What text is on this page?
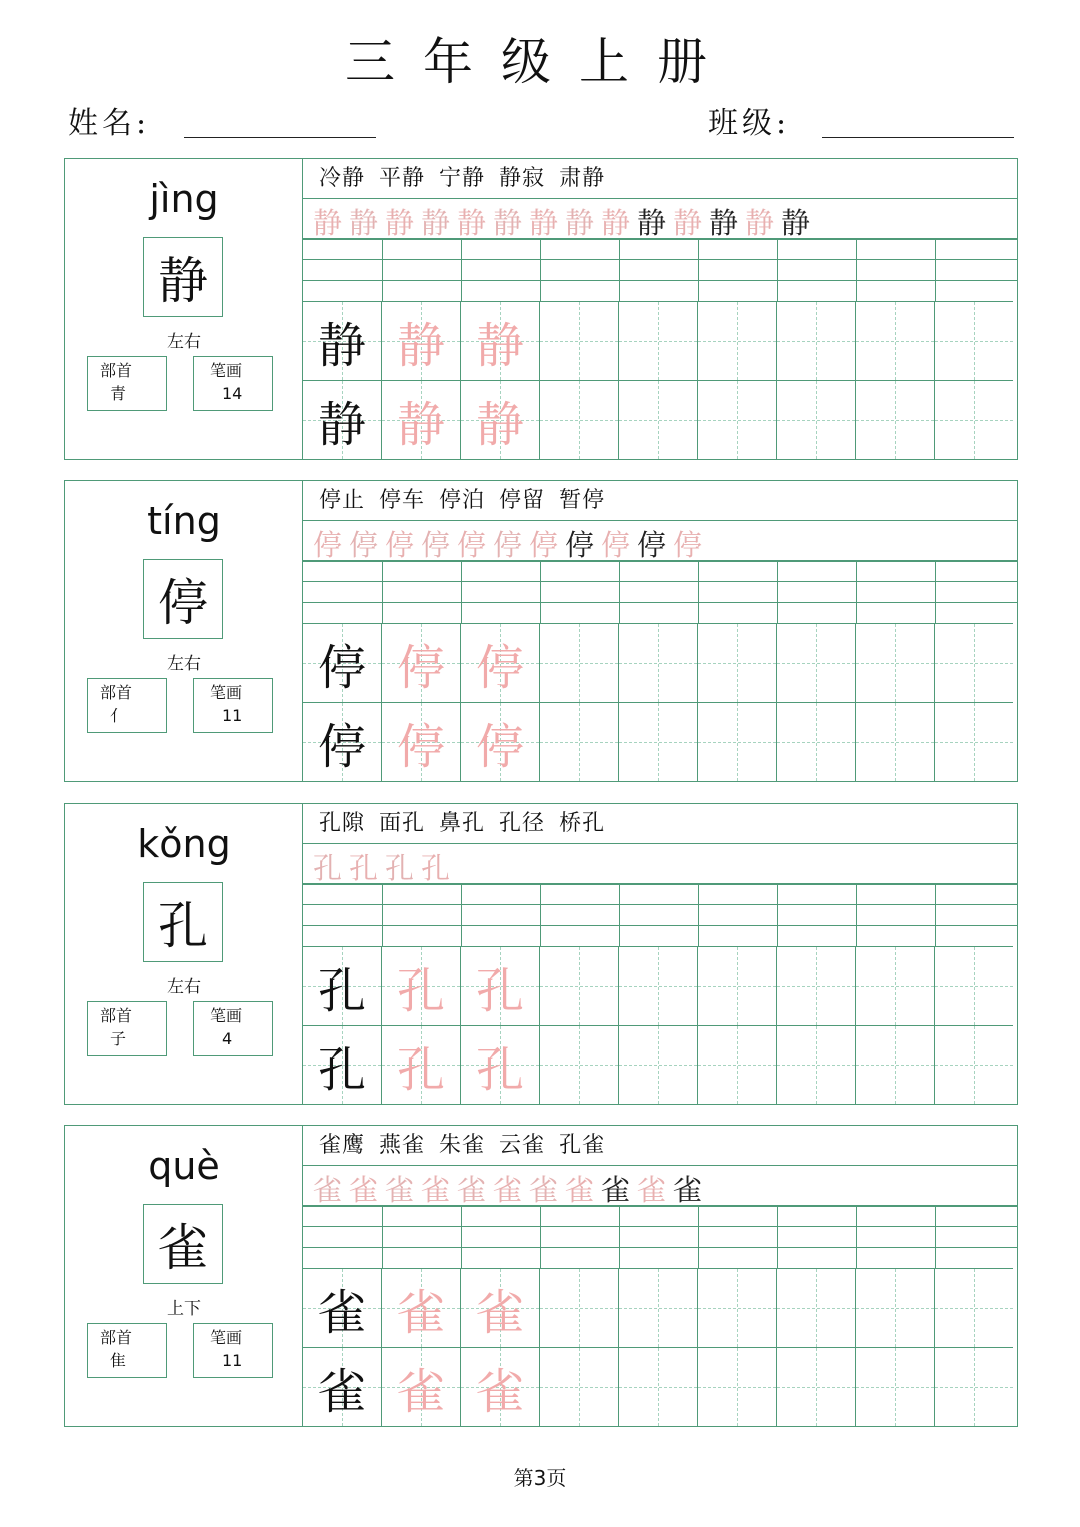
三年级上册
姓名:	班级:
jìng
静
左右
部首
青
笔画
14
冷静 平静 宁静 静寂 肃静
静 静 静 静 静 静 静 静 静 静 静 静 静 静
静 静 静
静 静 静
tíng
停
左右
部首
亻
笔画
11
停止 停车 停泊 停留 暂停
停 停 停 停 停 停 停 停 停 停 停
停 停 停
停 停 停
kǒng
孔
左右
部首
子
笔画
4
孔隙 面孔 鼻孔 孔径 桥孔
孔 孔 孔 孔
孔 孔 孔
孔 孔 孔
què
雀
上下
部首
隹
笔画
11
雀鹰 燕雀 朱雀 云雀 孔雀
雀 雀 雀 雀 雀 雀 雀 雀 雀 雀 雀
雀 雀 雀
雀 雀 雀
第3页
